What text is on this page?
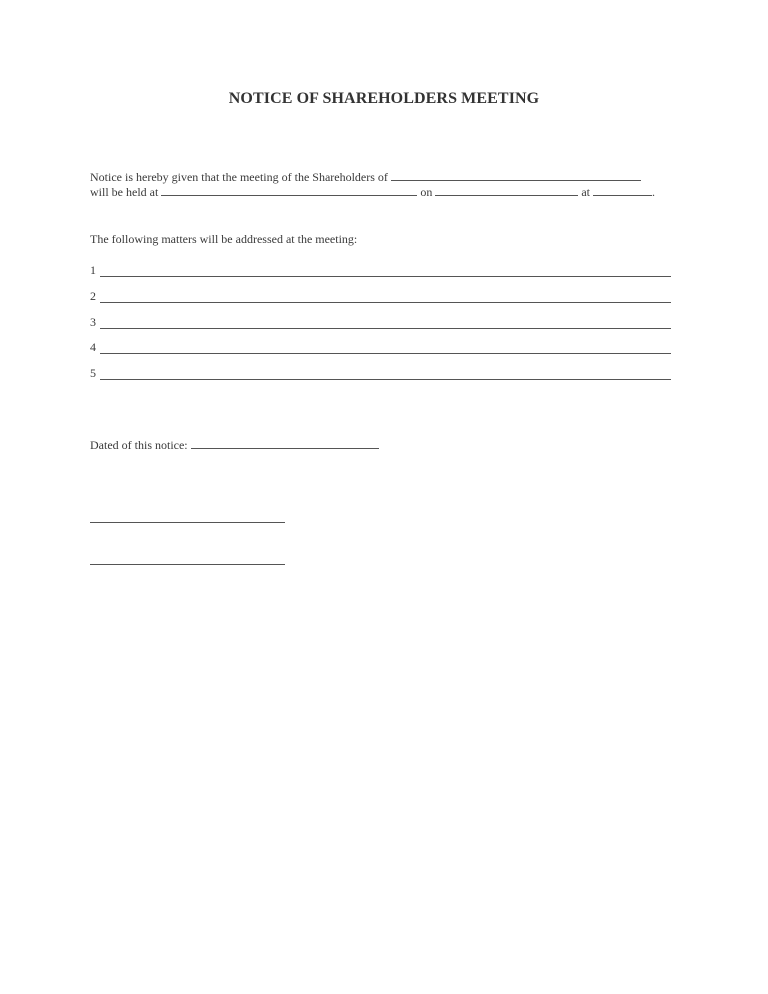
NOTICE OF SHAREHOLDERS MEETING
Notice is hereby given that the meeting of the Shareholders of
will be held at	on	at	.
The following matters will be addressed at the meeting:
1
2
3
4
5
Dated of this notice:
